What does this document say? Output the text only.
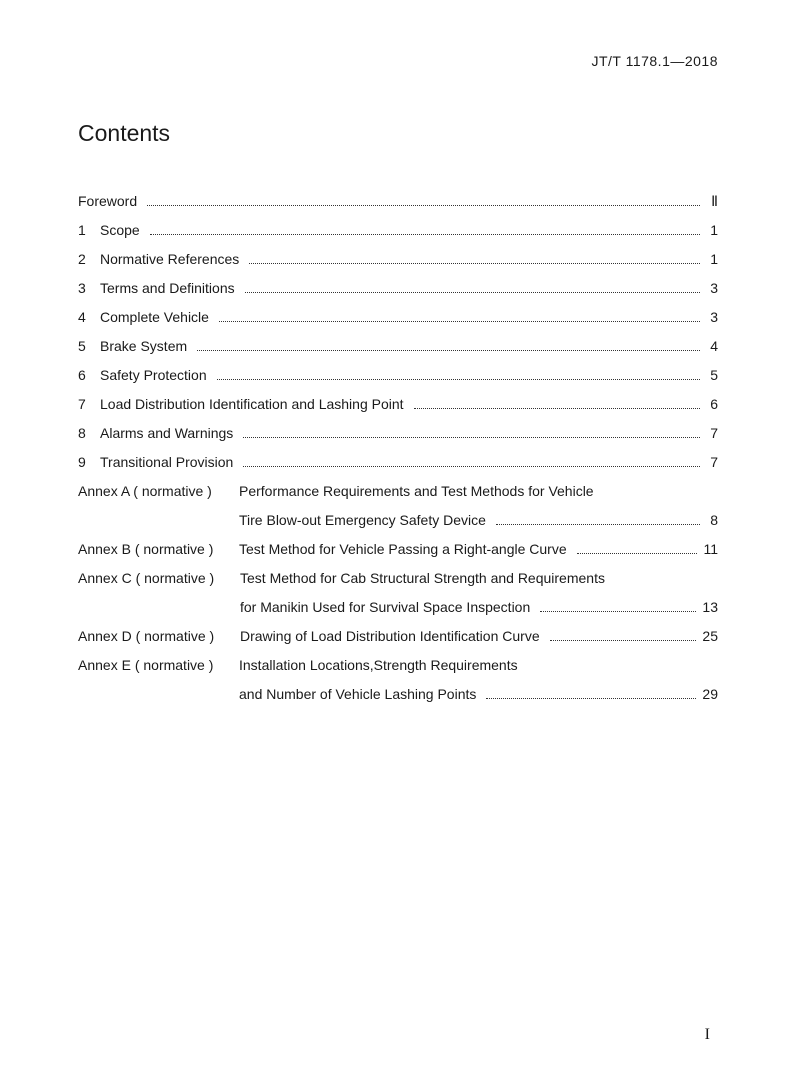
JT/T 1178.1—2018
Contents
Foreword	Ⅱ
1 Scope	1
2 Normative References	1
3 Terms and Definitions	3
4 Complete Vehicle	3
5 Brake System	4
6 Safety Protection	5
7 Load Distribution Identification and Lashing Point	6
8 Alarms and Warnings	7
9 Transitional Provision	7
Annex A ( normative ) Performance Requirements and Test Methods for Vehicle
Tire Blow-out Emergency Safety Device	8
Annex B ( normative ) Test Method for Vehicle Passing a Right-angle Curve	11
Annex C ( normative ) Test Method for Cab Structural Strength and Requirements
for Manikin Used for Survival Space Inspection	13
Annex D ( normative ) Drawing of Load Distribution Identification Curve	25
Annex E ( normative ) Installation Locations,Strength Requirements
and Number of Vehicle Lashing Points	29
I
